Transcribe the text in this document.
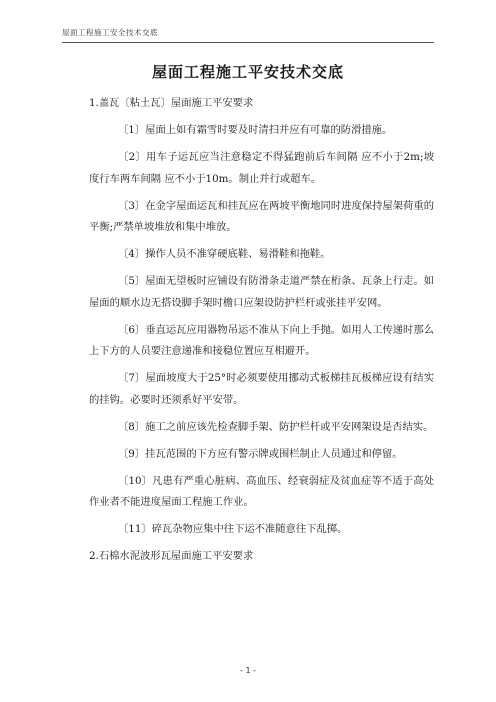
屋面工程施工安全技术交底
屋面工程施工平安技术交底

1.盖瓦〔粘土瓦〕屋面施工平安要求

〔1〕屋面上如有霜雪时要及时清扫并应有可靠的防滑措施。

〔2〕用车子运瓦应当注意稳定不得猛跑前后车间隔 应不小于2m;坡度行车两车间隔 应不小于10m。制止并行或超车。

〔3〕在金字屋面运瓦和挂瓦应在两坡平衡地同时进度保持屋架荷重的平衡;严禁单坡堆放和集中堆放。

〔4〕操作人员不准穿硬底鞋、易滑鞋和拖鞋。

〔5〕屋面无望板时应铺设有防滑条走道严禁在桁条、瓦条上行走。如屋面的顺水边无搭设脚手架时檐口应架设防护栏杆或张挂平安网。

〔6〕垂直运瓦应用器物吊运不准从下向上手抛。如用人工传递时那么上下方的人员要注意递准和接稳位置应互相避开。

〔7〕屋面坡度大于25°时必须要使用挪动式板梯挂瓦板梯应设有结实的挂钩。必要时还须系好平安带。

〔8〕施工之前应该先检查脚手架、防护栏杆或平安网架设是否结实。

〔9〕挂瓦范围的下方应有警示牌或围栏制止人员通过和停留。

〔10〕凡患有严重心脏病、高血压、经衰弱症及贫血症等不适于高处作业者不能进度屋面工程施工作业。

〔11〕碎瓦杂物应集中往下运不准随意往下乱掷。

2.石棉水泥波形瓦屋面施工平安要求

- 1 -
